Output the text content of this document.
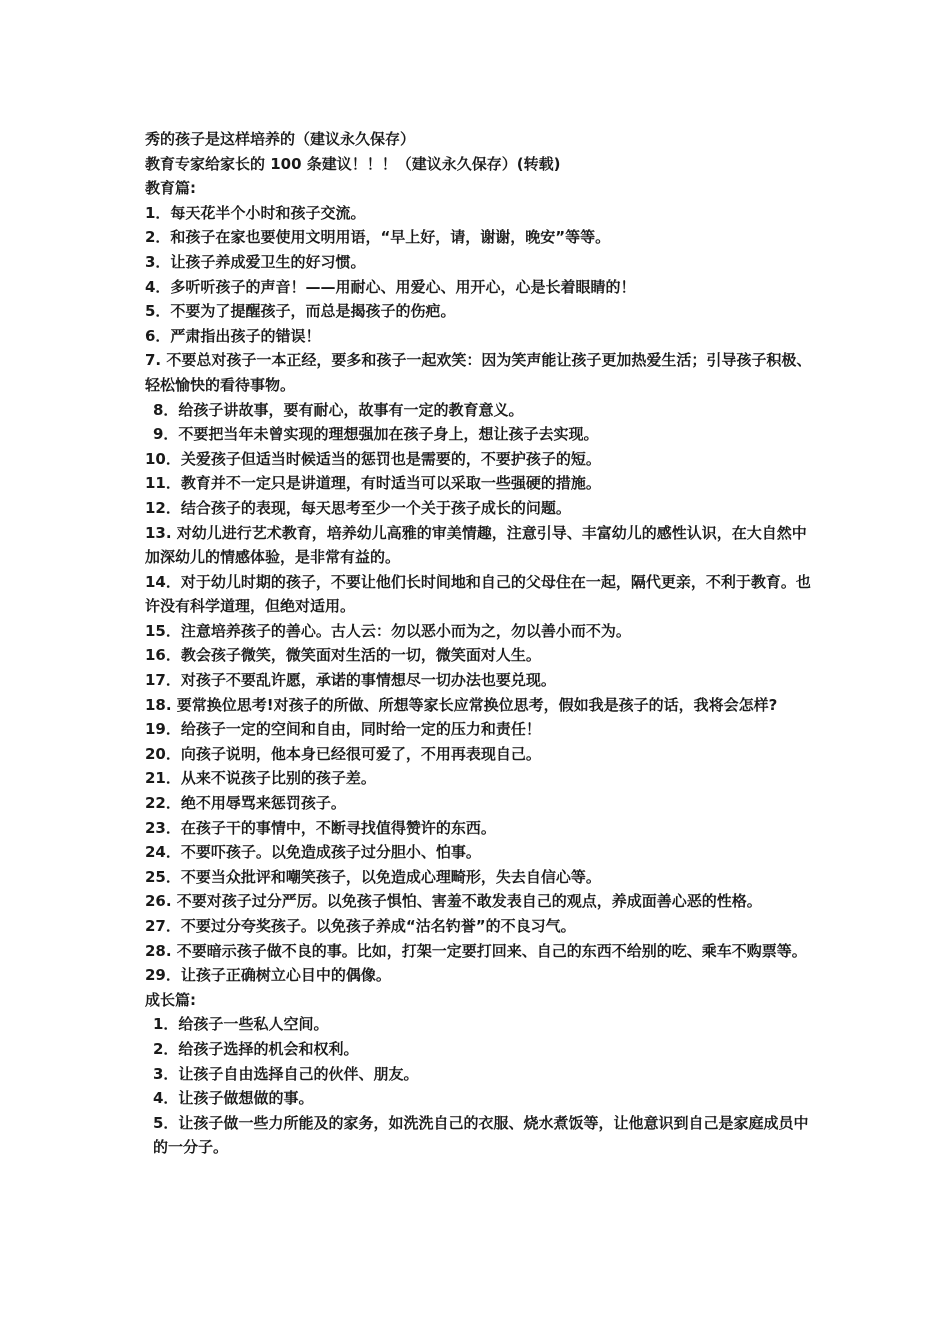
秀的孩子是这样培养的（建议永久保存）

教育专家给家长的 100 条建议！！！（建议永久保存）(转载)

教育篇:

1．每天花半个小时和孩子交流。

2．和孩子在家也要使用文明用语，“早上好，请，谢谢，晚安”等等。

3．让孩子养成爱卫生的好习惯。

4．多听听孩子的声音！——用耐心、用爱心、用开心，心是长着眼睛的！

5．不要为了提醒孩子，而总是揭孩子的伤疤。

6．严肃指出孩子的错误！

7. 不要总对孩子一本正经，要多和孩子一起欢笑：因为笑声能让孩子更加热爱生活；引导孩子积极、轻松愉快的看待事物。

8．给孩子讲故事，要有耐心，故事有一定的教育意义。

9．不要把当年未曾实现的理想强加在孩子身上，想让孩子去实现。

10．关爱孩子但适当时候适当的惩罚也是需要的，不要护孩子的短。

11．教育并不一定只是讲道理，有时适当可以采取一些强硬的措施。

12．结合孩子的表现，每天思考至少一个关于孩子成长的问题。

13. 对幼儿进行艺术教育，培养幼儿高雅的审美情趣，注意引导、丰富幼儿的感性认识，在大自然中加深幼儿的情感体验，是非常有益的。

14．对于幼儿时期的孩子，不要让他们长时间地和自己的父母住在一起，隔代更亲，不利于教育。也许没有科学道理，但绝对适用。

15．注意培养孩子的善心。古人云：勿以恶小而为之，勿以善小而不为。

16．教会孩子微笑，微笑面对生活的一切，微笑面对人生。

17．对孩子不要乱许愿，承诺的事情想尽一切办法也要兑现。

18. 要常换位思考!对孩子的所做、所想等家长应常换位思考，假如我是孩子的话，我将会怎样?

19．给孩子一定的空间和自由，同时给一定的压力和责任！

20．向孩子说明，他本身已经很可爱了，不用再表现自己。

21．从来不说孩子比别的孩子差。

22．绝不用辱骂来惩罚孩子。

23．在孩子干的事情中，不断寻找值得赞许的东西。

24．不要吓孩子。以免造成孩子过分胆小、怕事。

25．不要当众批评和嘲笑孩子，以免造成心理畸形，失去自信心等。

26. 不要对孩子过分严厉。以免孩子惧怕、害羞不敢发表自己的观点，养成面善心恶的性格。

27．不要过分夸奖孩子。以免孩子养成“沽名钓誉”的不良习气。

28. 不要暗示孩子做不良的事。比如，打架一定要打回来、自己的东西不给别的吃、乘车不购票等。

29．让孩子正确树立心目中的偶像。

成长篇:

1．给孩子一些私人空间。

2．给孩子选择的机会和权利。

3．让孩子自由选择自己的伙伴、朋友。

4．让孩子做想做的事。

5．让孩子做一些力所能及的家务，如洗洗自己的衣服、烧水煮饭等，让他意识到自己是家庭成员中的一分子。
